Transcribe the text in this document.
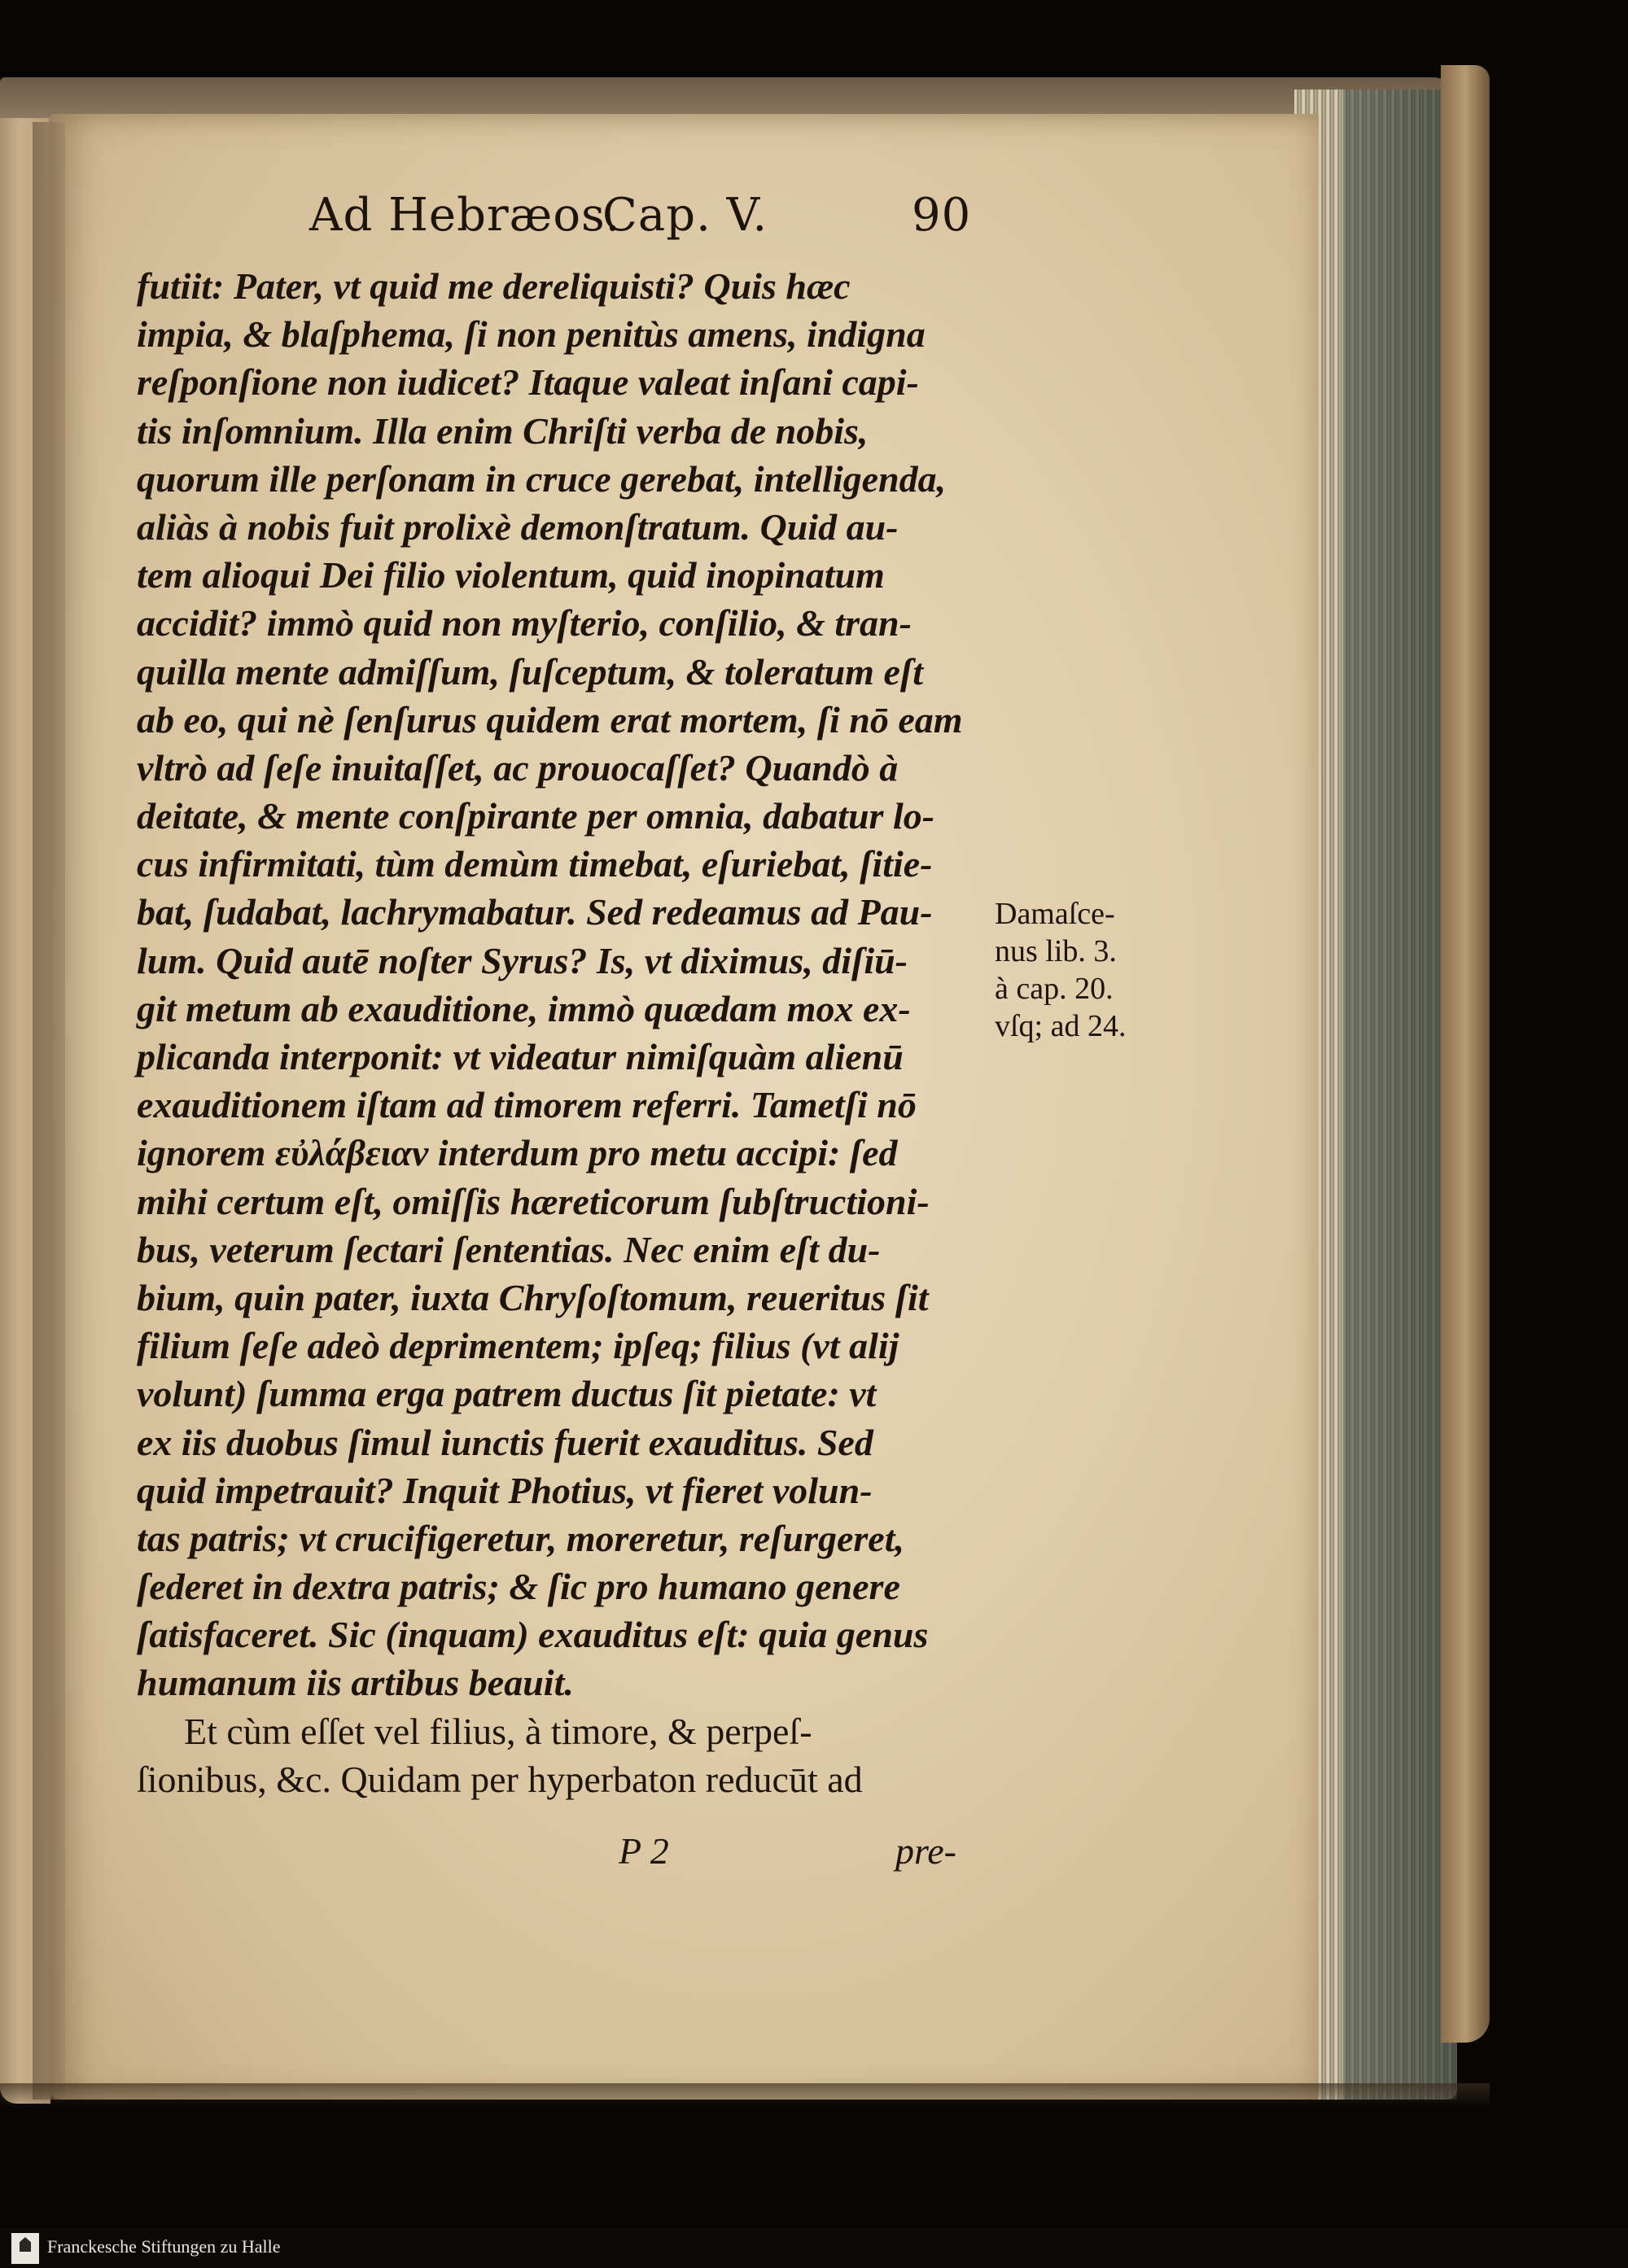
Ad Hebræos.
Cap. V.	90
futiit: Pater, vt quid me dereliquisti? Quis hæc
impia, & blaſphema, ſi non penitùs amens, indigna
reſponſione non iudicet? Itaque valeat inſani capi-
tis inſomnium. Illa enim Chriſti verba de nobis,
quorum ille perſonam in cruce gerebat, intelligenda,
aliàs à nobis fuit prolixè demonſtratum. Quid au-
tem alioqui Dei filio violentum, quid inopinatum
accidit? immò quid non myſterio, conſilio, & tran-
quilla mente admiſſum, ſuſceptum, & toleratum eſt
ab eo, qui nè ſenſurus quidem erat mortem, ſi nō eam
vltrò ad ſeſe inuitaſſet, ac prouocaſſet? Quandò à
deitate, & mente conſpirante per omnia, dabatur lo-
cus infirmitati, tùm demùm timebat, eſuriebat, ſitie-
bat, ſudabat, lachrymabatur. Sed redeamus ad Pau-
lum. Quid autē noſter Syrus? Is, vt diximus, diſiū-
git metum ab exauditione, immò quædam mox ex-
plicanda interponit: vt videatur nimiſquàm alienū
exauditionem iſtam ad timorem referri. Tametſi nō
ignorem εὐλάβειαν interdum pro metu accipi: ſed
mihi certum eſt, omiſſis hæreticorum ſubſtructioni-
bus, veterum ſectari ſententias. Nec enim eſt du-
bium, quin pater, iuxta Chryſoſtomum, reueritus ſit
filium ſeſe adeò deprimentem; ipſeq; filius (vt alij
volunt) ſumma erga patrem ductus ſit pietate: vt
ex iis duobus ſimul iunctis fuerit exauditus. Sed
quid impetrauit? Inquit Photius, vt fieret volun-
tas patris; vt crucifigeretur, moreretur, reſurgeret,
ſederet in dextra patris; & ſic pro humano genere
ſatisfaceret. Sic (inquam) exauditus eſt: quia genus
humanum iis artibus beauit.
Et cùm eſſet vel filius, à timore, & perpeſ-
ſionibus, &c. Quidam per hyperbaton reducūt ad
Damaſce-
nus lib. 3.
à cap. 20.
vſq; ad 24.
P 2	pre-
Franckesche Stiftungen zu Halle
